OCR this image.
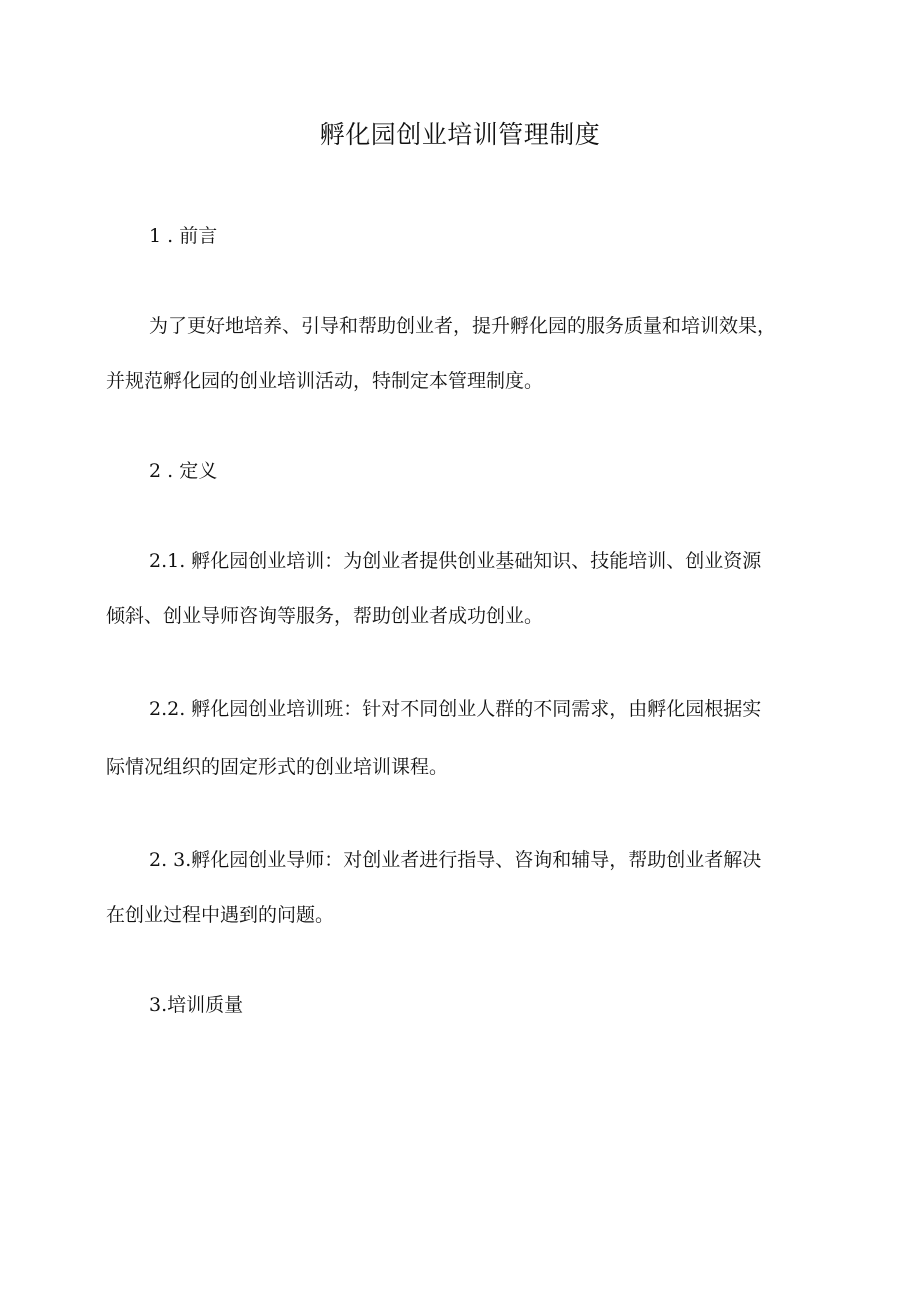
孵化园创业培训管理制度
1 . 前言
为了更好地培养、引导和帮助创业者，提升孵化园的服务质量和培训效果，
并规范孵化园的创业培训活动，特制定本管理制度。
2 . 定义
2.1. 孵化园创业培训：为创业者提供创业基础知识、技能培训、创业资源
倾斜、创业导师咨询等服务，帮助创业者成功创业。
2.2. 孵化园创业培训班：针对不同创业人群的不同需求，由孵化园根据实
际情况组织的固定形式的创业培训课程。
2. 3.孵化园创业导师：对创业者进行指导、咨询和辅导，帮助创业者解决
在创业过程中遇到的问题。
3.培训质量
